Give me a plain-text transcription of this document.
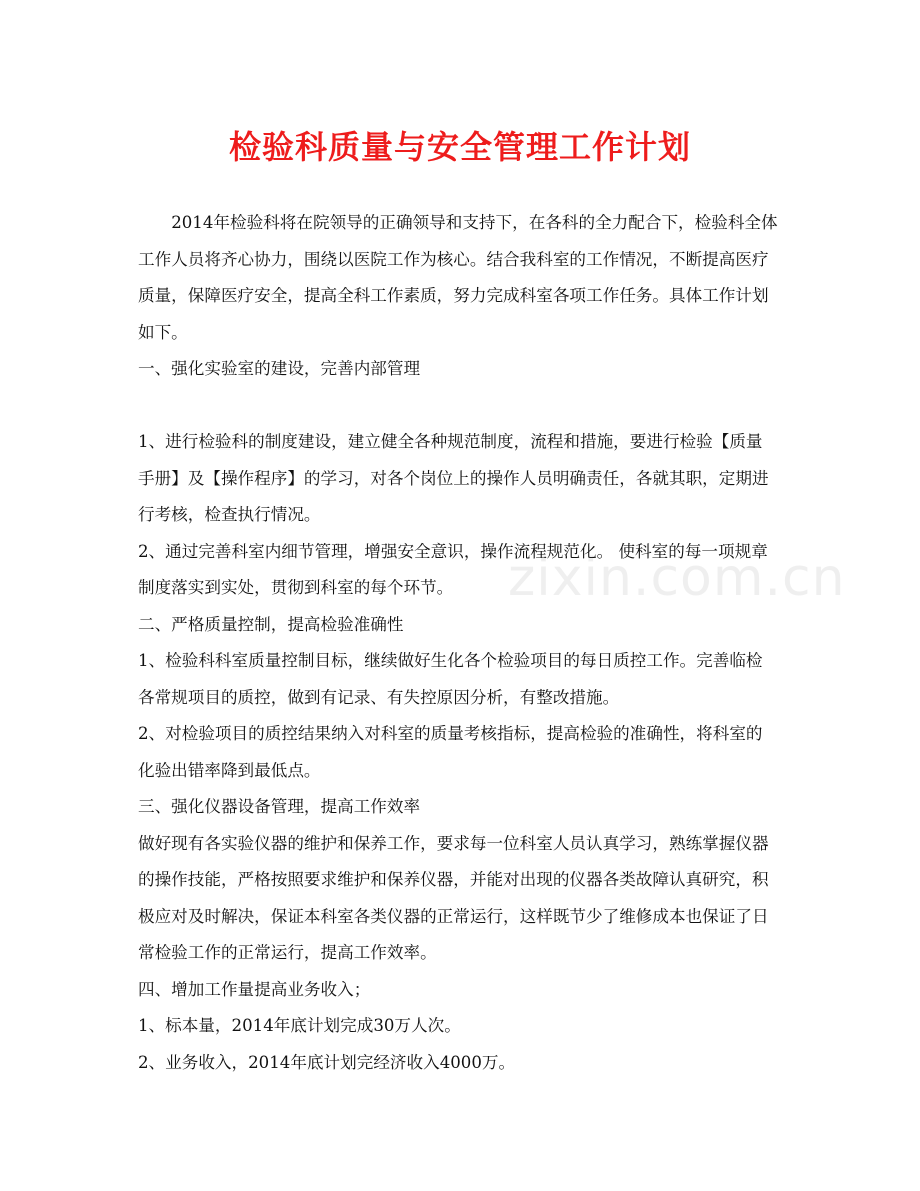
检验科质量与安全管理工作计划

2014年检验科将在院领导的正确领导和支持下，在各科的全力配合下，检验科全体工作人员将齐心协力，围绕以医院工作为核心。结合我科室的工作情况，不断提高医疗质量，保障医疗安全，提高全科工作素质，努力完成科室各项工作任务。具体工作计划如下。

一、强化实验室的建设，完善内部管理

1、进行检验科的制度建设，建立健全各种规范制度，流程和措施，要进行检验【质量手册】及【操作程序】的学习，对各个岗位上的操作人员明确责任，各就其职，定期进行考核，检查执行情况。

2、通过完善科室内细节管理，增强安全意识，操作流程规范化。 使科室的每一项规章制度落实到实处，贯彻到科室的每个环节。

二、严格质量控制，提高检验准确性

1、检验科科室质量控制目标，继续做好生化各个检验项目的每日质控工作。完善临检各常规项目的质控，做到有记录、有失控原因分析，有整改措施。

2、对检验项目的质控结果纳入对科室的质量考核指标，提高检验的准确性，将科室的化验出错率降到最低点。

三、强化仪器设备管理，提高工作效率

做好现有各实验仪器的维护和保养工作，要求每一位科室人员认真学习，熟练掌握仪器的操作技能，严格按照要求维护和保养仪器，并能对出现的仪器各类故障认真研究，积极应对及时解决，保证本科室各类仪器的正常运行，这样既节少了维修成本也保证了日常检验工作的正常运行，提高工作效率。

四、增加工作量提高业务收入；

1、标本量，2014年底计划完成30万人次。

2、业务收入，2014年底计划完经济收入4000万。

zixin.com.cn
